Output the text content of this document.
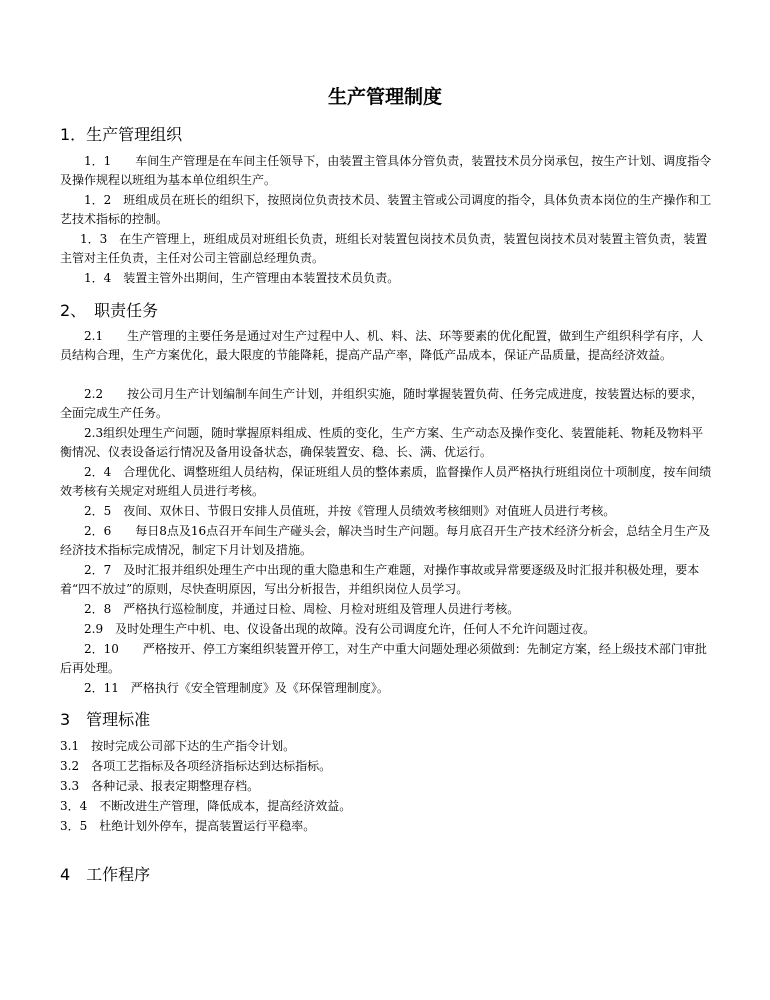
生产管理制度
1．生产管理组织

1．1　　车间生产管理是在车间主任领导下，由装置主管具体分管负责，装置技术员分岗承包，按生产计划、调度指令及操作规程以班组为基本单位组织生产。

1．2　班组成员在班长的组织下，按照岗位负责技术员、装置主管或公司调度的指令，具体负责本岗位的生产操作和工艺技术指标的控制。

1．3　在生产管理上，班组成员对班组长负责，班组长对装置包岗技术员负责，装置包岗技术员对装置主管负责，装置主管对主任负责，主任对公司主管副总经理负责。

1．4　装置主管外出期间，生产管理由本装置技术员负责。

2、　职责任务

2.1　　生产管理的主要任务是通过对生产过程中人、机、料、法、环等要素的优化配置，做到生产组织科学有序，人员结构合理，生产方案优化，最大限度的节能降耗，提高产品产率，降低产品成本，保证产品质量，提高经济效益。

2.2　　按公司月生产计划编制车间生产计划，并组织实施，随时掌握装置负荷、任务完成进度，按装置达标的要求，全面完成生产任务。

2.3组织处理生产问题，随时掌握原料组成、性质的变化，生产方案、生产动态及操作变化、装置能耗、物耗及物料平衡情况、仪表设备运行情况及备用设备状态，确保装置安、稳、长、满、优运行。

2．4　合理优化、调整班组人员结构，保证班组人员的整体素质，监督操作人员严格执行班组岗位十项制度，按车间绩效考核有关规定对班组人员进行考核。

2．5　夜间、双休日、节假日安排人员值班，并按《管理人员绩效考核细则》对值班人员进行考核。

2．6　　每日8点及16点召开车间生产碰头会，解决当时生产问题。每月底召开生产技术经济分析会，总结全月生产及经济技术指标完成情况，制定下月计划及措施。

2．7　及时汇报并组织处理生产中出现的重大隐患和生产难题，对操作事故或异常要逐级及时汇报并积极处理，要本着“四不放过”的原则，尽快查明原因，写出分析报告，并组织岗位人员学习。

2．8　严格执行巡检制度，并通过日检、周检、月检对班组及管理人员进行考核。

2.9　及时处理生产中机、电、仪设备出现的故障。没有公司调度允许，任何人不允许问题过夜。

2．10　　严格按开、停工方案组织装置开停工，对生产中重大问题处理必须做到：先制定方案，经上级技术部门审批后再处理。

2．11　严格执行《安全管理制度》及《环保管理制度》。

3　管理标准

3.1　按时完成公司部下达的生产指令计划。

3.2　各项工艺指标及各项经济指标达到达标指标。

3.3　各种记录、报表定期整理存档。

3．4　不断改进生产管理，降低成本，提高经济效益。

3．5　杜绝计划外停车，提高装置运行平稳率。

4　工作程序
